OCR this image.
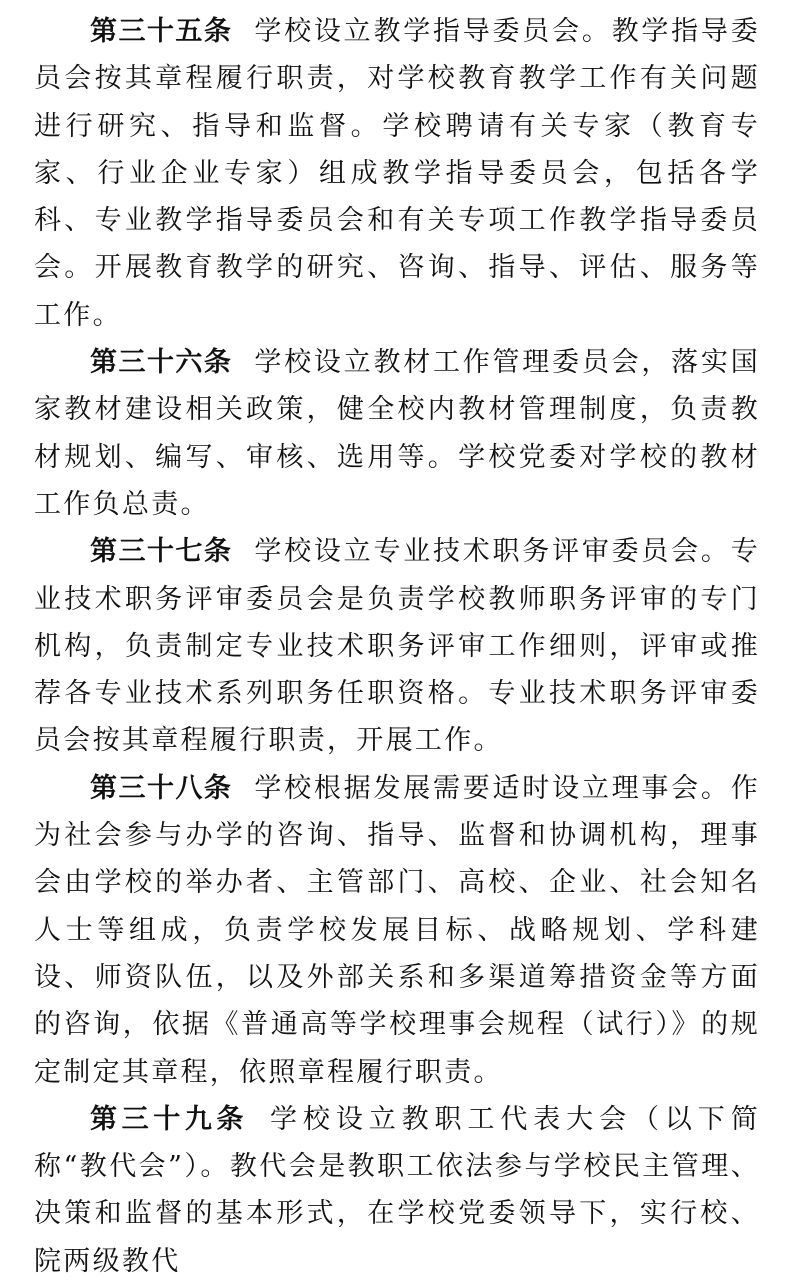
第三十五条 学校设立教学指导委员会。教学指导委员会按其章程履行职责，对学校教育教学工作有关问题进行研究、指导和监督。学校聘请有关专家（教育专家、行业企业专家）组成教学指导委员会，包括各学科、专业教学指导委员会和有关专项工作教学指导委员会。开展教育教学的研究、咨询、指导、评估、服务等工作。

第三十六条 学校设立教材工作管理委员会，落实国家教材建设相关政策，健全校内教材管理制度，负责教材规划、编写、审核、选用等。学校党委对学校的教材工作负总责。

第三十七条 学校设立专业技术职务评审委员会。专业技术职务评审委员会是负责学校教师职务评审的专门机构，负责制定专业技术职务评审工作细则，评审或推荐各专业技术系列职务任职资格。专业技术职务评审委员会按其章程履行职责，开展工作。

第三十八条 学校根据发展需要适时设立理事会。作为社会参与办学的咨询、指导、监督和协调机构，理事会由学校的举办者、主管部门、高校、企业、社会知名人士等组成，负责学校发展目标、战略规划、学科建设、师资队伍，以及外部关系和多渠道筹措资金等方面的咨询，依据《普通高等学校理事会规程（试行）》的规定制定其章程，依照章程履行职责。

第三十九条 学校设立教职工代表大会（以下简称“教代会”）。教代会是教职工依法参与学校民主管理、决策和监督的基本形式，在学校党委领导下，实行校、院两级教代
